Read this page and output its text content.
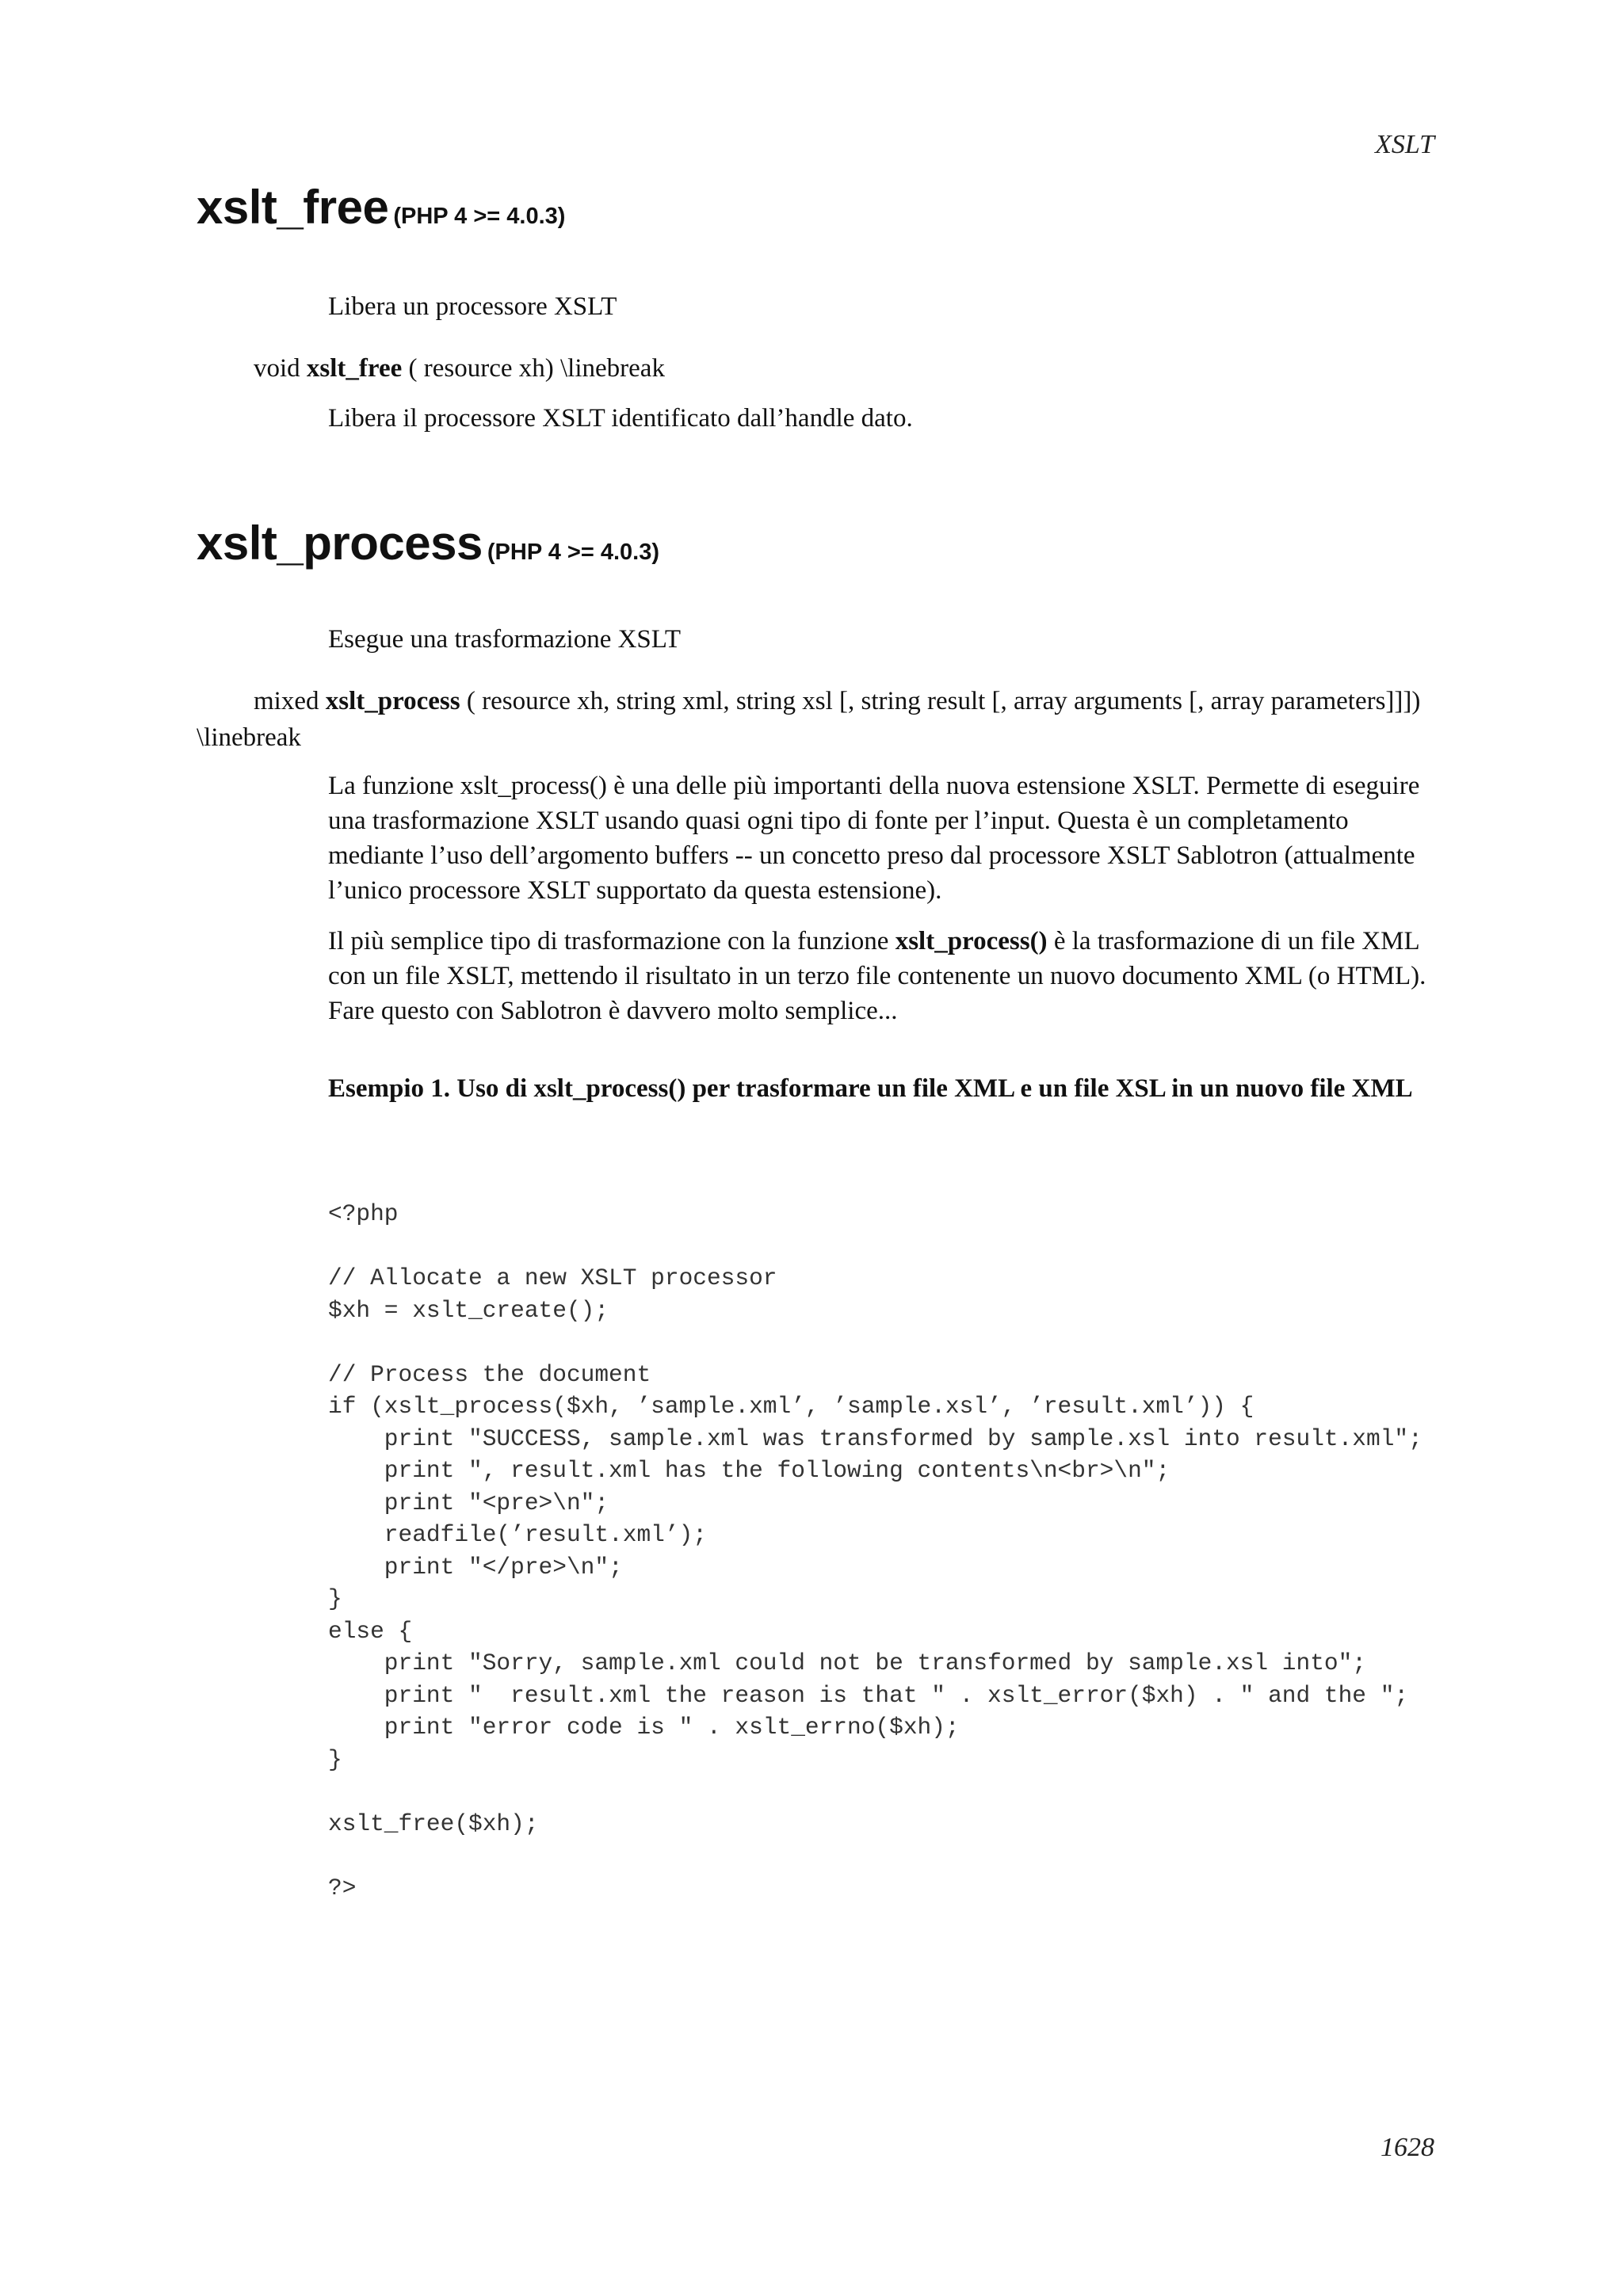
XSLT
xslt_free (PHP 4 >= 4.0.3)
Libera un processore XSLT
void xslt_free ( resource xh) \linebreak

Libera il processore XSLT identificato dall’handle dato.

xslt_process (PHP 4 >= 4.0.3)
Esegue una trasformazione XSLT
mixed xslt_process ( resource xh, string xml, string xsl [, string result [, array arguments [, array parameters]]]) \linebreak

La funzione xslt_process() è una delle più importanti della nuova estensione XSLT. Permette di eseguire una trasformazione XSLT usando quasi ogni tipo di fonte per l’input. Questa è un completamento mediante l’uso dell’argomento buffers -- un concetto preso dal processore XSLT Sablotron (attualmente l’unico processore XSLT supportato da questa estensione).

Il più semplice tipo di trasformazione con la funzione xslt_process() è la trasformazione di un file XML con un file XSLT, mettendo il risultato in un terzo file contenente un nuovo documento XML (o HTML). Fare questo con Sablotron è davvero molto semplice...

Esempio 1. Uso di xslt_process() per trasformare un file XML e un file XSL in un nuovo file XML
<?php

// Allocate a new XSLT processor
$xh = xslt_create();

// Process the document
if (xslt_process($xh, ’sample.xml’, ’sample.xsl’, ’result.xml’)) {
print "SUCCESS, sample.xml was transformed by sample.xsl into result.xml";
print ", result.xml has the following contents\n<br>\n";
print "<pre>\n";
readfile(’result.xml’);
print "</pre>\n";
}
else {
print "Sorry, sample.xml could not be transformed by sample.xsl into";
print "  result.xml the reason is that " . xslt_error($xh) . " and the ";
print "error code is " . xslt_errno($xh);
}

xslt_free($xh);

?>
1628
